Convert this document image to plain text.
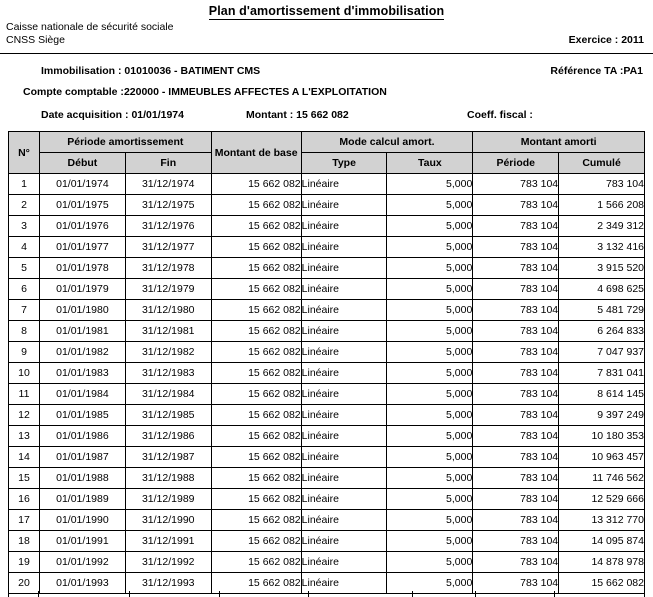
Plan d'amortissement d'immobilisation
Caisse nationale de sécurité sociale
CNSS Siège	Exercice : 2011
Immobilisation : 01010036 - BATIMENT CMS	Référence TA :PA1
Compte comptable :220000 - IMMEUBLES AFFECTES A L'EXPLOITATION
Date acquisition : 01/01/1974	Montant : 15 662 082	Coeff. fiscal :
N°	Période amortissement		Montant de base	Mode calcul amort.		Montant amorti	
	Début	Fin		Type	Taux	Période	Cumulé
1	01/01/1974	31/12/1974	15 662 082	Linéaire	5,000	783 104	783 104
2	01/01/1975	31/12/1975	15 662 082	Linéaire	5,000	783 104	1 566 208
3	01/01/1976	31/12/1976	15 662 082	Linéaire	5,000	783 104	2 349 312
4	01/01/1977	31/12/1977	15 662 082	Linéaire	5,000	783 104	3 132 416
5	01/01/1978	31/12/1978	15 662 082	Linéaire	5,000	783 104	3 915 520
6	01/01/1979	31/12/1979	15 662 082	Linéaire	5,000	783 104	4 698 625
7	01/01/1980	31/12/1980	15 662 082	Linéaire	5,000	783 104	5 481 729
8	01/01/1981	31/12/1981	15 662 082	Linéaire	5,000	783 104	6 264 833
9	01/01/1982	31/12/1982	15 662 082	Linéaire	5,000	783 104	7 047 937
10	01/01/1983	31/12/1983	15 662 082	Linéaire	5,000	783 104	7 831 041
11	01/01/1984	31/12/1984	15 662 082	Linéaire	5,000	783 104	8 614 145
12	01/01/1985	31/12/1985	15 662 082	Linéaire	5,000	783 104	9 397 249
13	01/01/1986	31/12/1986	15 662 082	Linéaire	5,000	783 104	10 180 353
14	01/01/1987	31/12/1987	15 662 082	Linéaire	5,000	783 104	10 963 457
15	01/01/1988	31/12/1988	15 662 082	Linéaire	5,000	783 104	11 746 562
16	01/01/1989	31/12/1989	15 662 082	Linéaire	5,000	783 104	12 529 666
17	01/01/1990	31/12/1990	15 662 082	Linéaire	5,000	783 104	13 312 770
18	01/01/1991	31/12/1991	15 662 082	Linéaire	5,000	783 104	14 095 874
19	01/01/1992	31/12/1992	15 662 082	Linéaire	5,000	783 104	14 878 978
20	01/01/1993	31/12/1993	15 662 082	Linéaire	5,000	783 104	15 662 082
